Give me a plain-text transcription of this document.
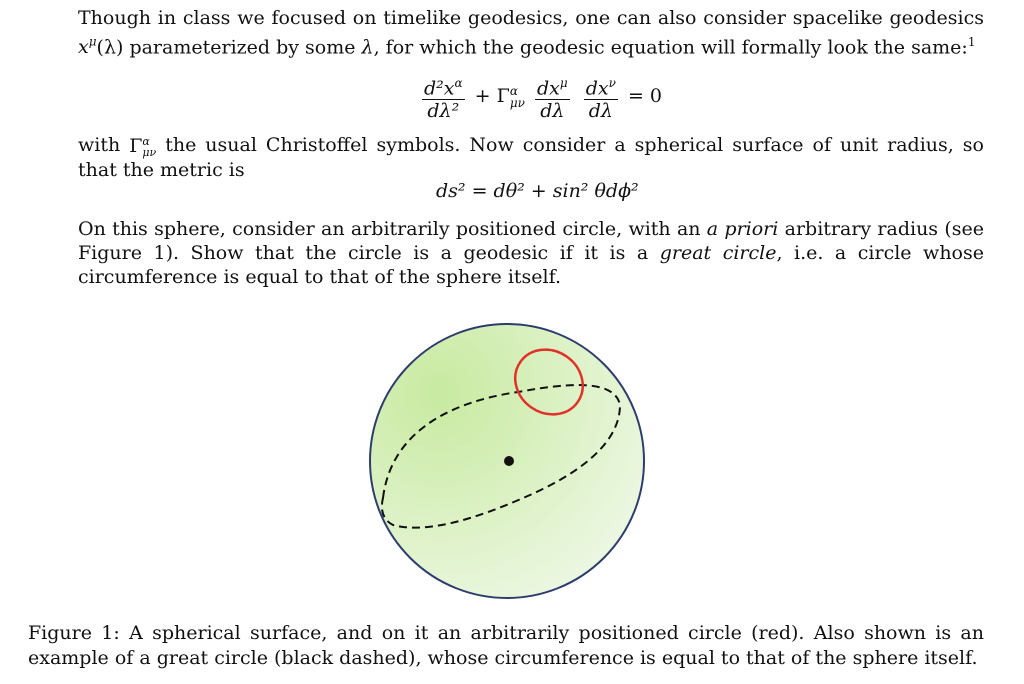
Though in class we focused on timelike geodesics, one can also consider spacelike geodesics $x^\mu(\lambda)$ parameterized by some λ, for which the geodesic equation will formally look the same:$^1$
$\frac{d^2x^\alpha}{\text{dλ²}} + \Gamma$ α
μν
$\frac{dx^\mu}{d\lambda}$
$\frac{dx^\nu}{d\lambda} = 0$
with Γ α
μν the usual Christoffel symbols. Now consider a spherical surface of unit radius, so that the metric is
ds² = dθ² + sin² θdϕ²
On this sphere, consider an arbitrarily positioned circle, with an a priori arbitrary radius (see Figure 1). Show that the circle is a geodesic if it is a great circle, i.e. a circle whose circumference is equal to that of the sphere itself.
Figure 1: A spherical surface, and on it an arbitrarily positioned circle (red). Also shown is an example of a great circle (black dashed), whose circumference is equal to that of the sphere itself.
